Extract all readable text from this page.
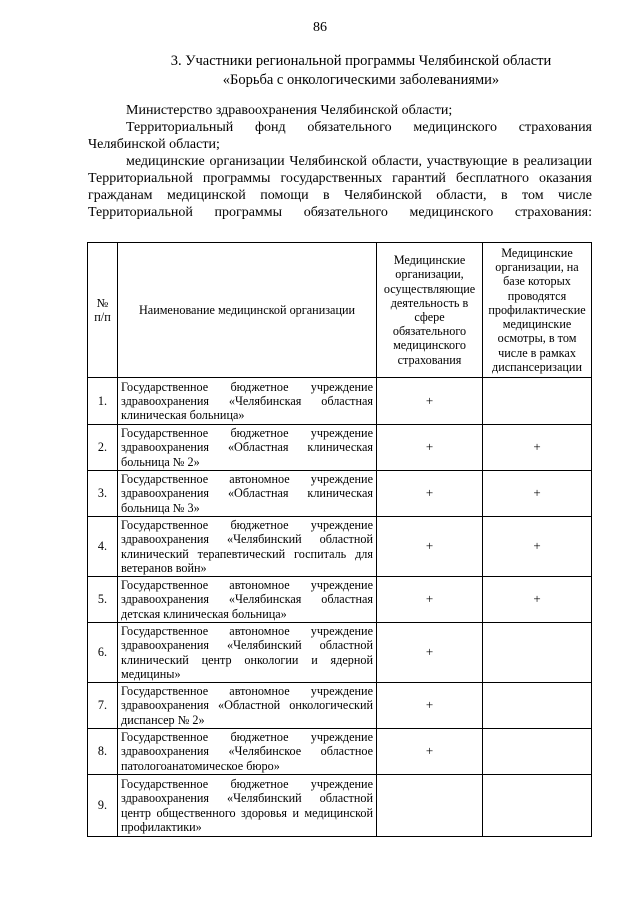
86
3. Участники региональной программы Челябинской области
«Борьба с онкологическими заболеваниями»

Министерство здравоохранения Челябинской области;

Территориальный фонд обязательного медицинского страхования Челябинской области;

медицинские организации Челябинской области, участвующие в реализации Территориальной программы государственных гарантий бесплатного оказания гражданам медицинской помощи в Челябинской области, в том числе Территориальной программы обязательного медицинского страхования:

№ п/п	Наименование медицинской организации	Медицинские организации, осуществляющие деятельность в сфере обязательного медицинского страхования	Медицинские организации, на базе которых проводятся профилактические медицинские осмотры, в том числе в рамках диспансеризации
1.	Государственное бюджетное учреждение здравоохранения «Челябинская областная клиническая больница»	+	
2.	Государственное бюджетное учреждение здравоохранения «Областная клиническая больница № 2»	+	+
3.	Государственное автономное учреждение здравоохранения «Областная клиническая больница № 3»	+	+
4.	Государственное бюджетное учреждение здравоохранения «Челябинский областной клинический терапевтический госпиталь для ветеранов войн»	+	+
5.	Государственное автономное учреждение здравоохранения «Челябинская областная детская клиническая больница»	+	+
6.	Государственное автономное учреждение здравоохранения «Челябинский областной клинический центр онкологии и ядерной медицины»	+	
7.	Государственное автономное учреждение здравоохранения «Областной онкологический диспансер № 2»	+	
8.	Государственное бюджетное учреждение здравоохранения «Челябинское областное патологоанатомическое бюро»	+	
9.	Государственное бюджетное учреждение здравоохранения «Челябинский областной центр общественного здоровья и медицинской профилактики»		
